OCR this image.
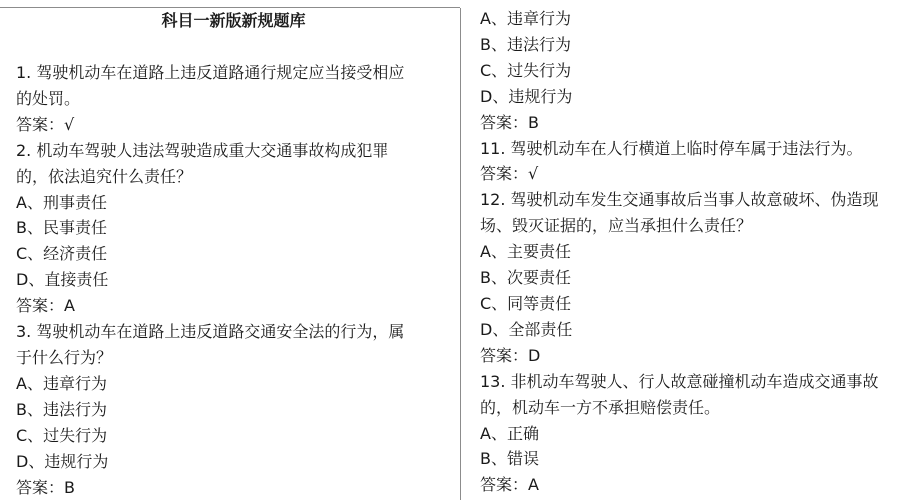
科目一新版新规题库
1. 驾驶机动车在道路上违反道路通行规定应当接受相应
的处罚。
答案：√
2. 机动车驾驶人违法驾驶造成重大交通事故构成犯罪
的，依法追究什么责任？
A、刑事责任
B、民事责任
C、经济责任
D、直接责任
答案：A
3. 驾驶机动车在道路上违反道路交通安全法的行为，属
于什么行为？
A、违章行为
B、违法行为
C、过失行为
D、违规行为
答案：B
A、违章行为
B、违法行为
C、过失行为
D、违规行为
答案：B
11. 驾驶机动车在人行横道上临时停车属于违法行为。
答案：√
12. 驾驶机动车发生交通事故后当事人故意破坏、伪造现
场、毁灭证据的，应当承担什么责任？
A、主要责任
B、次要责任
C、同等责任
D、全部责任
答案：D
13. 非机动车驾驶人、行人故意碰撞机动车造成交通事故
的，机动车一方不承担赔偿责任。
A、正确
B、错误
答案：A
